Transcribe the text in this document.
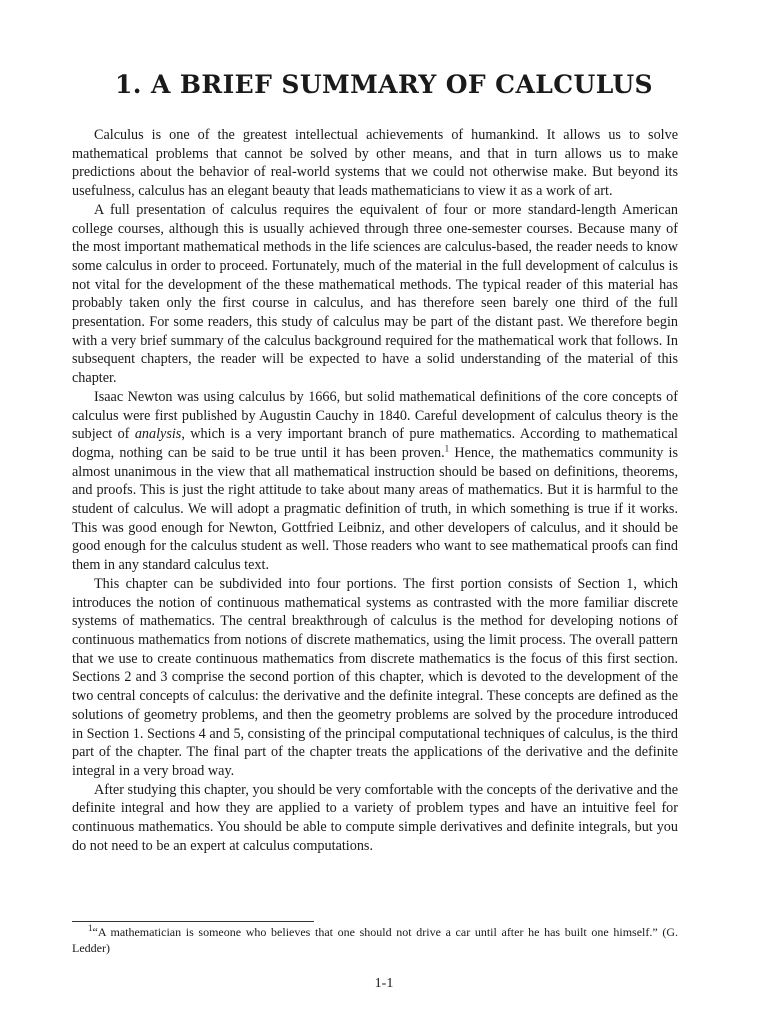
1. A BRIEF SUMMARY OF CALCULUS

Calculus is one of the greatest intellectual achievements of humankind. It allows us to solve mathematical problems that cannot be solved by other means, and that in turn allows us to make predictions about the behavior of real-world systems that we could not otherwise make. But beyond its usefulness, calculus has an elegant beauty that leads mathematicians to view it as a work of art.

A full presentation of calculus requires the equivalent of four or more standard-length American college courses, although this is usually achieved through three one-semester courses. Because many of the most important mathematical methods in the life sciences are calculus-based, the reader needs to know some calculus in order to proceed. Fortunately, much of the material in the full development of calculus is not vital for the development of the these mathematical methods. The typical reader of this material has probably taken only the first course in calculus, and has therefore seen barely one third of the full presentation. For some readers, this study of calculus may be part of the distant past. We therefore begin with a very brief summary of the calculus background required for the mathematical work that follows. In subsequent chapters, the reader will be expected to have a solid understanding of the material of this chapter.

Isaac Newton was using calculus by 1666, but solid mathematical definitions of the core concepts of calculus were first published by Augustin Cauchy in 1840. Careful development of calculus theory is the subject of analysis, which is a very important branch of pure mathematics. According to mathematical dogma, nothing can be said to be true until it has been proven.$^1$ Hence, the mathematics community is almost unanimous in the view that all mathematical instruction should be based on definitions, theorems, and proofs. This is just the right attitude to take about many areas of mathematics. But it is harmful to the student of calculus. We will adopt a pragmatic definition of truth, in which something is true if it works. This was good enough for Newton, Gottfried Leibniz, and other developers of calculus, and it should be good enough for the calculus student as well. Those readers who want to see mathematical proofs can find them in any standard calculus text.

This chapter can be subdivided into four portions. The first portion consists of Section 1, which introduces the notion of continuous mathematical systems as contrasted with the more familiar discrete systems of mathematics. The central breakthrough of calculus is the method for developing notions of continuous mathematics from notions of discrete mathematics, using the limit process. The overall pattern that we use to create continuous mathematics from discrete mathematics is the focus of this first section. Sections 2 and 3 comprise the second portion of this chapter, which is devoted to the development of the two central concepts of calculus: the derivative and the definite integral. These concepts are defined as the solutions of geometry problems, and then the geometry problems are solved by the procedure introduced in Section 1. Sections 4 and 5, consisting of the principal computational techniques of calculus, is the third part of the chapter. The final part of the chapter treats the applications of the derivative and the definite integral in a very broad way.

After studying this chapter, you should be very comfortable with the concepts of the derivative and the definite integral and how they are applied to a variety of problem types and have an intuitive feel for continuous mathematics. You should be able to compute simple derivatives and definite integrals, but you do not need to be an expert at calculus computations.

$^1$“A mathematician is someone who believes that one should not drive a car until after he has built one himself.” (G. Ledder)
1-1
